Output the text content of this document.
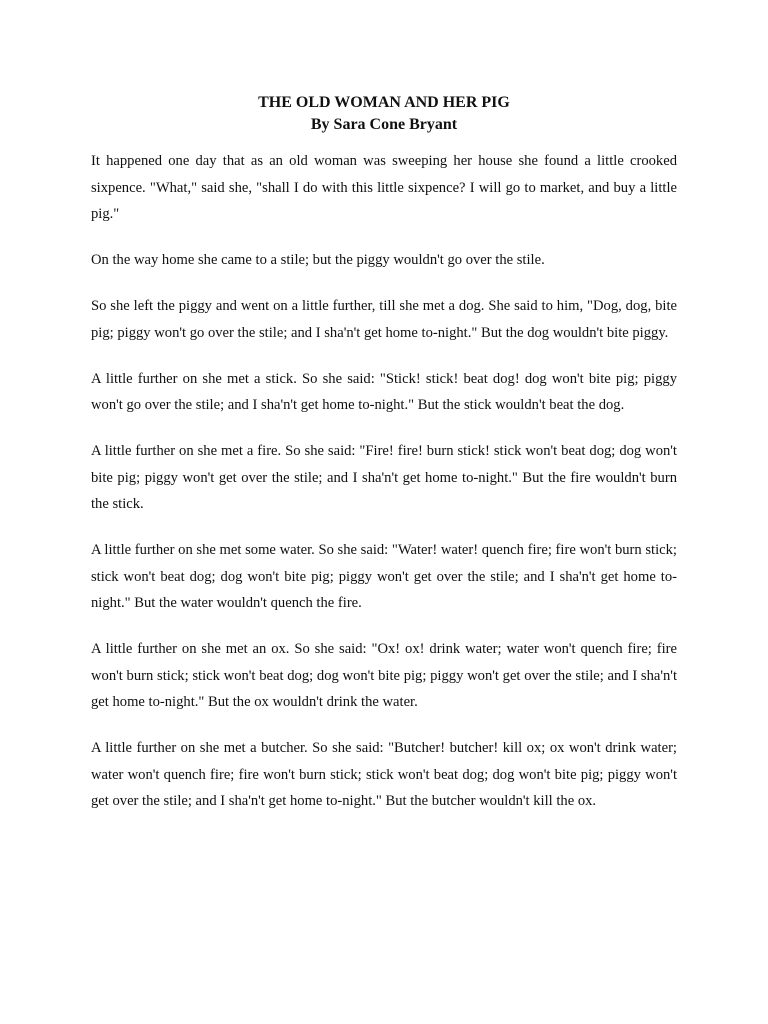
THE OLD WOMAN AND HER PIG
By Sara Cone Bryant

It happened one day that as an old woman was sweeping her house she found a little crooked sixpence. "What," said she, "shall I do with this little sixpence? I will go to market, and buy a little pig."

On the way home she came to a stile; but the piggy wouldn't go over the stile.

So she left the piggy and went on a little further, till she met a dog. She said to him, "Dog, dog, bite pig; piggy won't go over the stile; and I sha'n't get home to-night." But the dog wouldn't bite piggy.

A little further on she met a stick. So she said: "Stick! stick! beat dog! dog won't bite pig; piggy won't go over the stile; and I sha'n't get home to-night." But the stick wouldn't beat the dog.

A little further on she met a fire. So she said: "Fire! fire! burn stick! stick won't beat dog; dog won't bite pig; piggy won't get over the stile; and I sha'n't get home to-night." But the fire wouldn't burn the stick.

A little further on she met some water. So she said: "Water! water! quench fire; fire won't burn stick; stick won't beat dog; dog won't bite pig; piggy won't get over the stile; and I sha'n't get home to-night." But the water wouldn't quench the fire.

A little further on she met an ox. So she said: "Ox! ox! drink water; water won't quench fire; fire won't burn stick; stick won't beat dog; dog won't bite pig; piggy won't get over the stile; and I sha'n't get home to-night." But the ox wouldn't drink the water.

A little further on she met a butcher. So she said: "Butcher! butcher! kill ox; ox won't drink water; water won't quench fire; fire won't burn stick; stick won't beat dog; dog won't bite pig; piggy won't get over the stile; and I sha'n't get home to-night." But the butcher wouldn't kill the ox.
